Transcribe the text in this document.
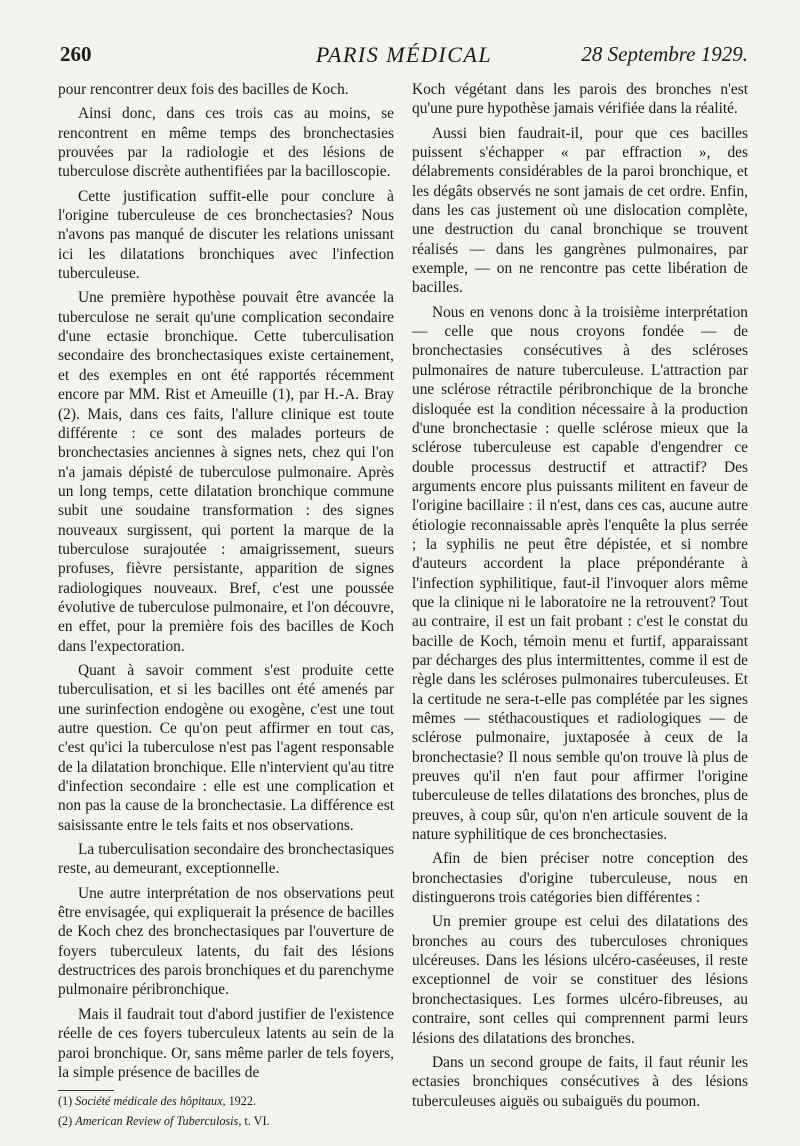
260	PARIS MÉDICAL	28 Septembre 1929.

pour rencontrer deux fois des bacilles de Koch.

Ainsi donc, dans ces trois cas au moins, se rencontrent en même temps des bronchectasies prouvées par la radiologie et des lésions de tuberculose discrète authentifiées par la bacilloscopie.

Cette justification suffit-elle pour conclure à l'origine tuberculeuse de ces bronchectasies? Nous n'avons pas manqué de discuter les relations unissant ici les dilatations bronchiques avec l'infection tuberculeuse.

Une première hypothèse pouvait être avancée la tuberculose ne serait qu'une complication secondaire d'une ectasie bronchique. Cette tuberculisation secondaire des bronchectasiques existe certainement, et des exemples en ont été rapportés récemment encore par MM. Rist et Ameuille (1), par H.-A. Bray (2). Mais, dans ces faits, l'allure clinique est toute différente : ce sont des malades porteurs de bronchectasies anciennes à signes nets, chez qui l'on n'a jamais dépisté de tuberculose pulmonaire. Après un long temps, cette dilatation bronchique commune subit une soudaine transformation : des signes nouveaux surgissent, qui portent la marque de la tuberculose surajoutée : amaigrissement, sueurs profuses, fièvre persistante, apparition de signes radiologiques nouveaux. Bref, c'est une poussée évolutive de tuberculose pulmonaire, et l'on découvre, en effet, pour la première fois des bacilles de Koch dans l'expectoration.

Quant à savoir comment s'est produite cette tuberculisation, et si les bacilles ont été amenés par une surinfection endogène ou exogène, c'est une tout autre question. Ce qu'on peut affirmer en tout cas, c'est qu'ici la tuberculose n'est pas l'agent responsable de la dilatation bronchique. Elle n'intervient qu'au titre d'infection secondaire : elle est une complication et non pas la cause de la bronchectasie. La différence est saisissante entre le tels faits et nos observations.

La tuberculisation secondaire des bronchectasiques reste, au demeurant, exceptionnelle.

Une autre interprétation de nos observations peut être envisagée, qui expliquerait la présence de bacilles de Koch chez des bronchectasiques par l'ouverture de foyers tuberculeux latents, du fait des lésions destructrices des parois bronchiques et du parenchyme pulmonaire péribronchique.

Mais il faudrait tout d'abord justifier de l'existence réelle de ces foyers tuberculeux latents au sein de la paroi bronchique. Or, sans même parler de tels foyers, la simple présence de bacilles de

(1) Société médicale des hôpitaux, 1922.

(2) American Review of Tuberculosis, t. VI.

Koch végétant dans les parois des bronches n'est qu'une pure hypothèse jamais vérifiée dans la réalité.

Aussi bien faudrait-il, pour que ces bacilles puissent s'échapper « par effraction », des délabrements considérables de la paroi bronchique, et les dégâts observés ne sont jamais de cet ordre. Enfin, dans les cas justement où une dislocation complète, une destruction du canal bronchique se trouvent réalisés — dans les gangrènes pulmonaires, par exemple, — on ne rencontre pas cette libération de bacilles.

Nous en venons donc à la troisième interprétation — celle que nous croyons fondée — de bronchectasies consécutives à des scléroses pulmonaires de nature tuberculeuse. L'attraction par une sclérose rétractile péribronchique de la bronche disloquée est la condition nécessaire à la production d'une bronchectasie : quelle sclérose mieux que la sclérose tuberculeuse est capable d'engendrer ce double processus destructif et attractif? Des arguments encore plus puissants militent en faveur de l'origine bacillaire : il n'est, dans ces cas, aucune autre étiologie reconnaissable après l'enquête la plus serrée ; la syphilis ne peut être dépistée, et si nombre d'auteurs accordent la place prépondérante à l'infection syphilitique, faut-il l'invoquer alors même que la clinique ni le laboratoire ne la retrouvent? Tout au contraire, il est un fait probant : c'est le constat du bacille de Koch, témoin menu et furtif, apparaissant par décharges des plus intermittentes, comme il est de règle dans les scléroses pulmonaires tuberculeuses. Et la certitude ne sera-t-elle pas complétée par les signes mêmes — stéthacoustiques et radiologiques — de sclérose pulmonaire, juxtaposée à ceux de la bronchectasie? Il nous semble qu'on trouve là plus de preuves qu'il n'en faut pour affirmer l'origine tuberculeuse de telles dilatations des bronches, plus de preuves, à coup sûr, qu'on n'en articule souvent de la nature syphilitique de ces bronchectasies.

Afin de bien préciser notre conception des bronchectasies d'origine tuberculeuse, nous en distinguerons trois catégories bien différentes :

Un premier groupe est celui des dilatations des bronches au cours des tuberculoses chroniques ulcéreuses. Dans les lésions ulcéro-caséeuses, il reste exceptionnel de voir se constituer des lésions bronchectasiques. Les formes ulcéro-fibreuses, au contraire, sont celles qui comprennent parmi leurs lésions des dilatations des bronches.

Dans un second groupe de faits, il faut réunir les ectasies bronchiques consécutives à des lésions tuberculeuses aiguës ou subaiguës du poumon.
